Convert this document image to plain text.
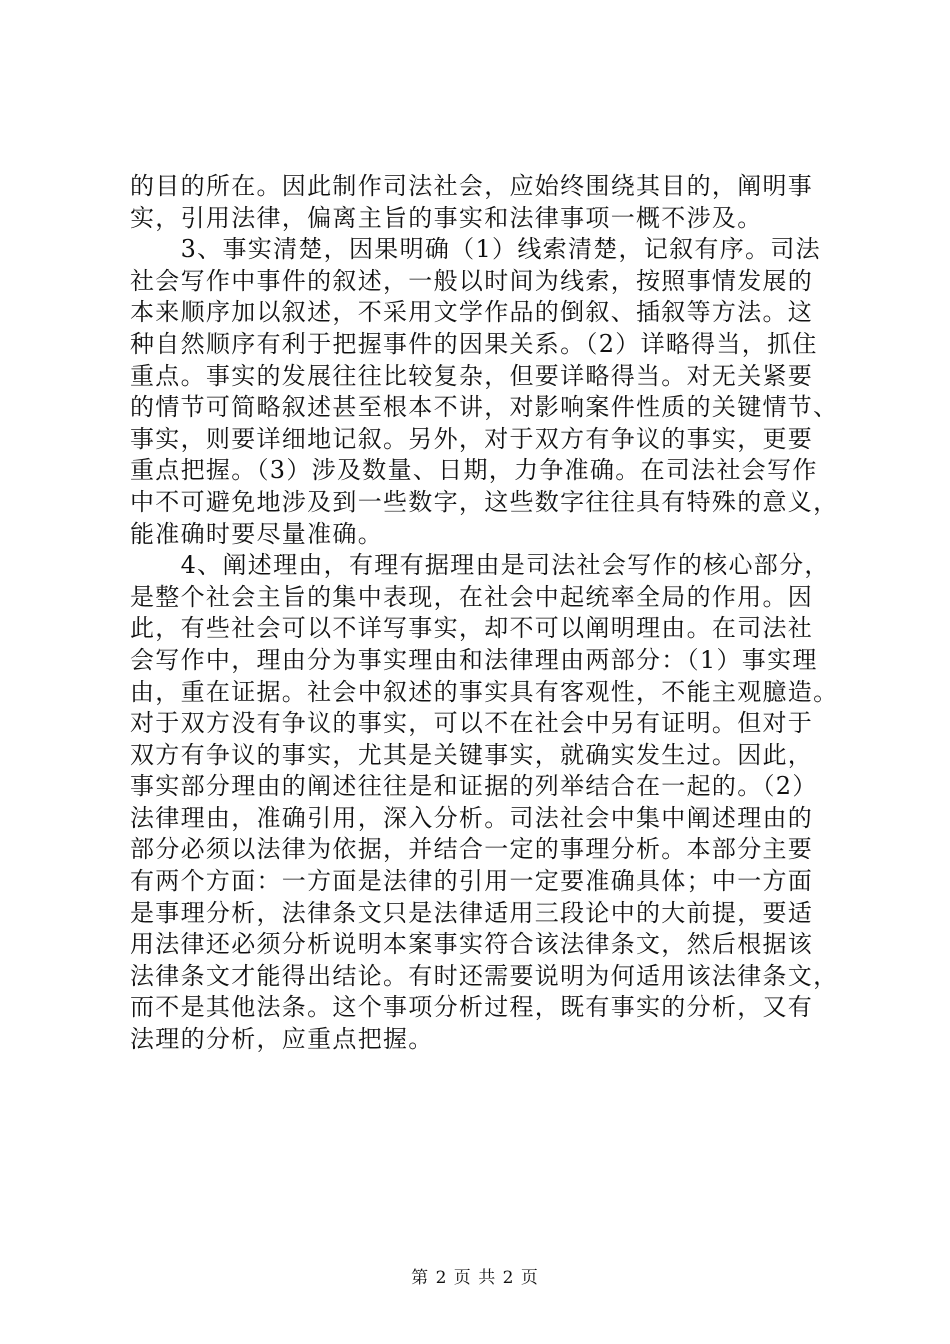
的目的所在。因此制作司法社会，应始终围绕其目的，阐明事
实，引用法律，偏离主旨的事实和法律事项一概不涉及。
　　3、事实清楚，因果明确（1）线索清楚，记叙有序。司法
社会写作中事件的叙述，一般以时间为线索，按照事情发展的
本来顺序加以叙述，不采用文学作品的倒叙、插叙等方法。这
种自然顺序有利于把握事件的因果关系。（2）详略得当，抓住
重点。事实的发展往往比较复杂，但要详略得当。对无关紧要
的情节可简略叙述甚至根本不讲，对影响案件性质的关键情节、
事实，则要详细地记叙。另外，对于双方有争议的事实，更要
重点把握。（3）涉及数量、日期，力争准确。在司法社会写作
中不可避免地涉及到一些数字，这些数字往往具有特殊的意义，
能准确时要尽量准确。
　　4、阐述理由，有理有据理由是司法社会写作的核心部分，
是整个社会主旨的集中表现，在社会中起统率全局的作用。因
此，有些社会可以不详写事实，却不可以阐明理由。在司法社
会写作中，理由分为事实理由和法律理由两部分：（1）事实理
由，重在证据。社会中叙述的事实具有客观性，不能主观臆造。
对于双方没有争议的事实，可以不在社会中另有证明。但对于
双方有争议的事实，尤其是关键事实，就确实发生过。因此，
事实部分理由的阐述往往是和证据的列举结合在一起的。（2）
法律理由，准确引用，深入分析。司法社会中集中阐述理由的
部分必须以法律为依据，并结合一定的事理分析。本部分主要
有两个方面：一方面是法律的引用一定要准确具体；中一方面
是事理分析，法律条文只是法律适用三段论中的大前提，要适
用法律还必须分析说明本案事实符合该法律条文，然后根据该
法律条文才能得出结论。有时还需要说明为何适用该法律条文，
而不是其他法条。这个事项分析过程，既有事实的分析，又有
法理的分析，应重点把握。
第 2 页 共 2 页
